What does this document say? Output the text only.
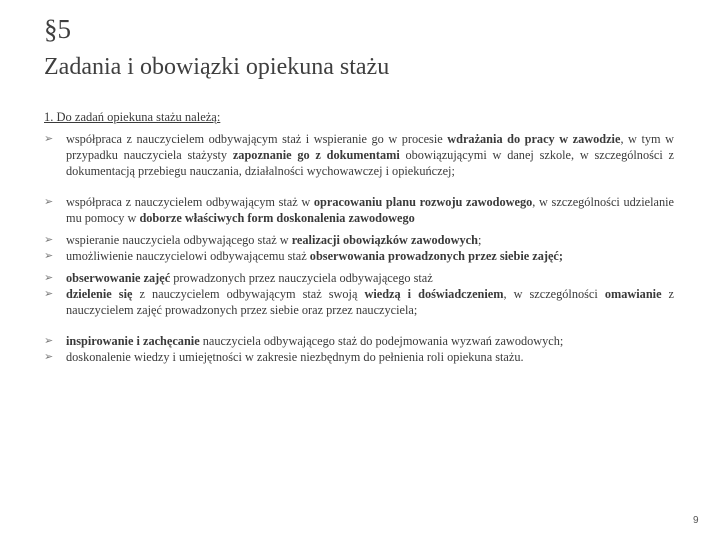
§5
Zadania i obowiązki opiekuna stażu
1. Do zadań opiekuna stażu należą:
➢	współpraca z nauczycielem odbywającym staż i wspieranie go w procesie wdrażania do pracy w zawodzie, w tym w przypadku nauczyciela stażysty zapoznanie go z dokumentami obowiązującymi w danej szkole, w szczególności z dokumentacją przebiegu nauczania, działalności wychowawczej i opiekuńczej;
➢	współpraca z nauczycielem odbywającym staż w opracowaniu planu rozwoju zawodowego, w szczególności udzielanie mu pomocy w doborze właściwych form doskonalenia zawodowego
➢	wspieranie nauczyciela odbywającego staż w realizacji obowiązków zawodowych;
➢	umożliwienie nauczycielowi odbywającemu staż obserwowania prowadzonych przez siebie zajęć;
➢	obserwowanie zajęć prowadzonych przez nauczyciela odbywającego staż
➢	dzielenie się z nauczycielem odbywającym staż swoją wiedzą i doświadczeniem, w szczególności omawianie z nauczycielem zajęć prowadzonych przez siebie oraz przez nauczyciela;
➢	inspirowanie i zachęcanie nauczyciela odbywającego staż do podejmowania wyzwań zawodowych;
➢	doskonalenie wiedzy i umiejętności w zakresie niezbędnym do pełnienia roli opiekuna stażu.
9
